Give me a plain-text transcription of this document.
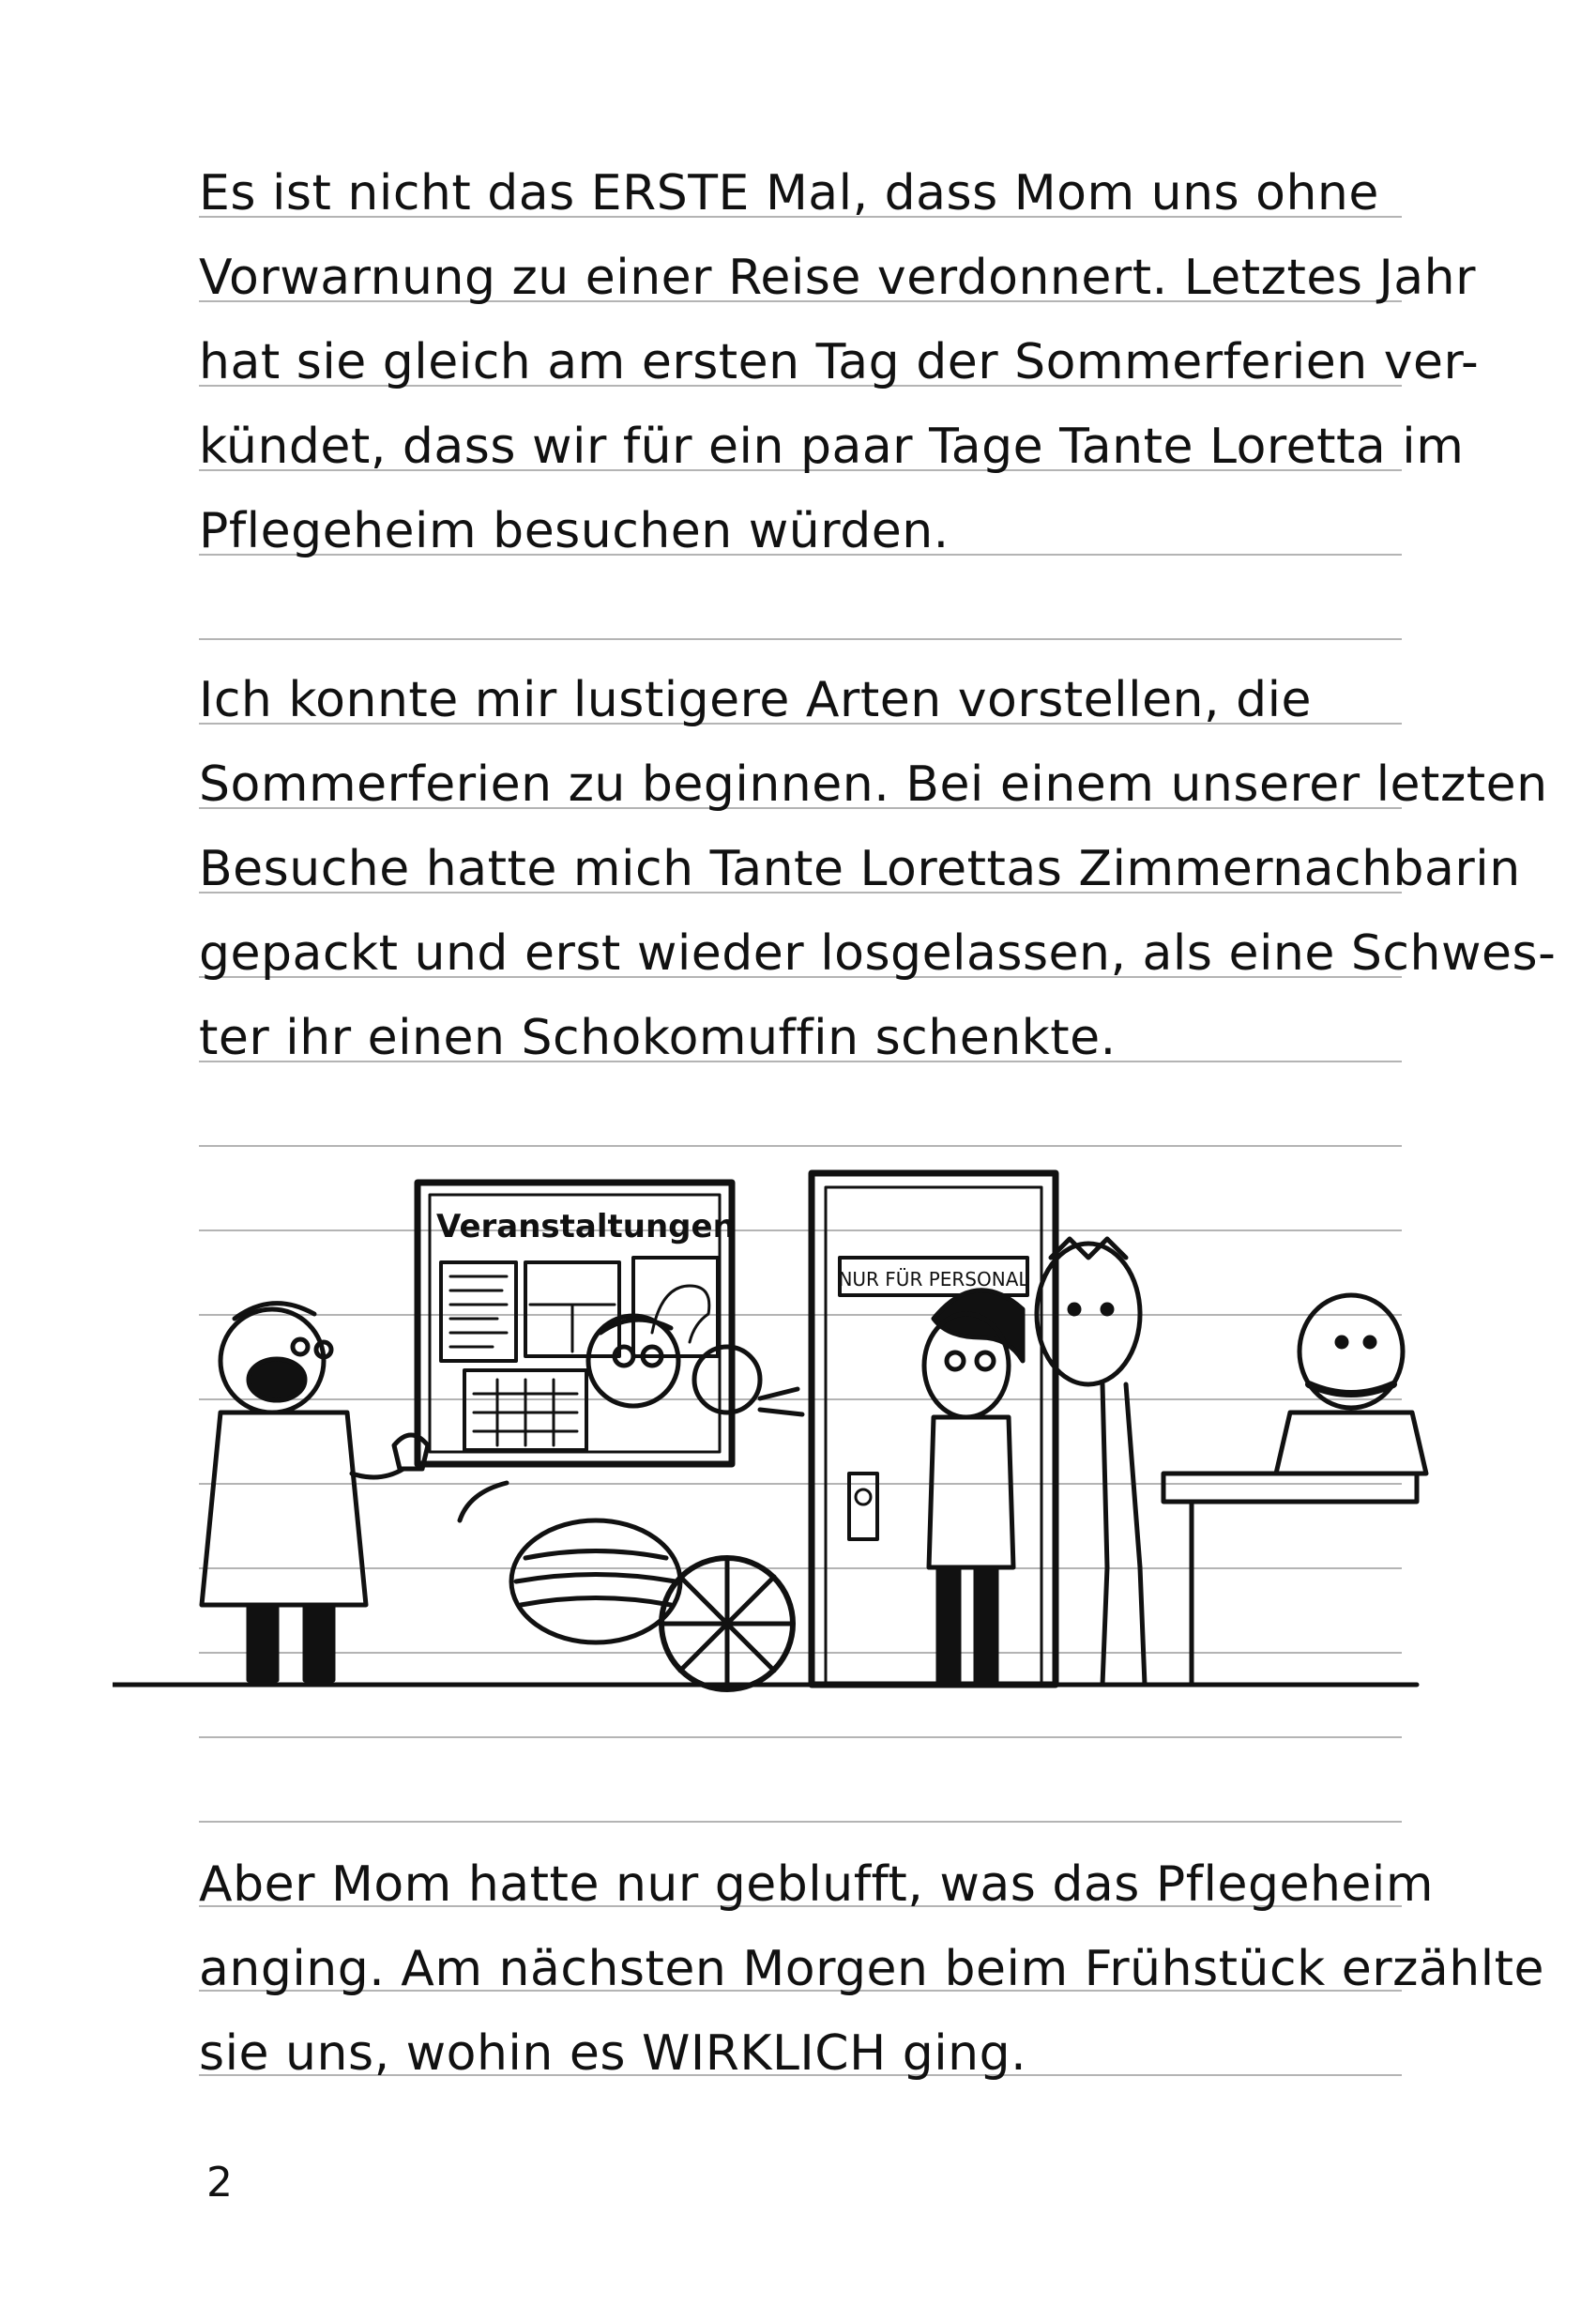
Es ist nicht das ERSTE Mal, dass Mom uns ohne
Vorwarnung zu einer Reise verdonnert. Letztes Jahr
hat sie gleich am ersten Tag der Sommerferien ver-
kündet, dass wir für ein paar Tage Tante Loretta im
Pflegeheim besuchen würden.
Ich konnte mir lustigere Arten vorstellen, die
Sommerferien zu beginnen. Bei einem unserer letzten
Besuche hatte mich Tante Lorettas Zimmernachbarin
gepackt und erst wieder losgelassen, als eine Schwes-
ter ihr einen Schokomuffin schenkte.
Veranstaltungen
NUR FÜR PERSONAL
Aber Mom hatte nur geblufft, was das Pflegeheim
anging. Am nächsten Morgen beim Frühstück erzählte
sie uns, wohin es WIRKLICH ging.
2
